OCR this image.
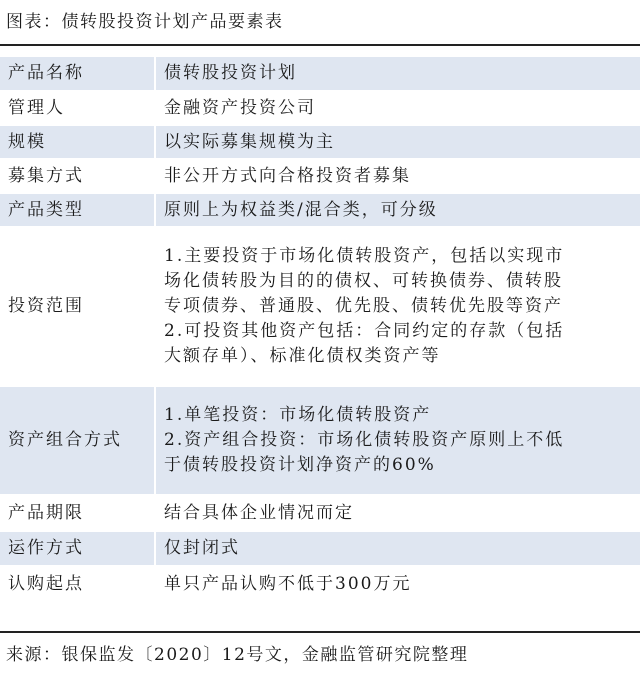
图表：债转股投资计划产品要素表
产品名称	债转股投资计划

管理人	金融资产投资公司

规模	以实际募集规模为主

募集方式	非公开方式向合格投资者募集

产品类型	原则上为权益类/混合类，可分级

投资范围	1.主要投资于市场化债转股资产，包括以实现市
场化债转股为目的的债权、可转换债券、债转股
专项债券、普通股、优先股、债转优先股等资产
2.可投资其他资产包括：合同约定的存款（包括
大额存单）、标准化债权类资产等

资产组合方式	1.单笔投资：市场化债转股资产
2.资产组合投资：市场化债转股资产原则上不低
于债转股投资计划净资产的60%

产品期限	结合具体企业情况而定

运作方式	仅封闭式

认购起点	单只产品认购不低于300万元
来源：银保监发〔2020〕12号文，金融监管研究院整理
